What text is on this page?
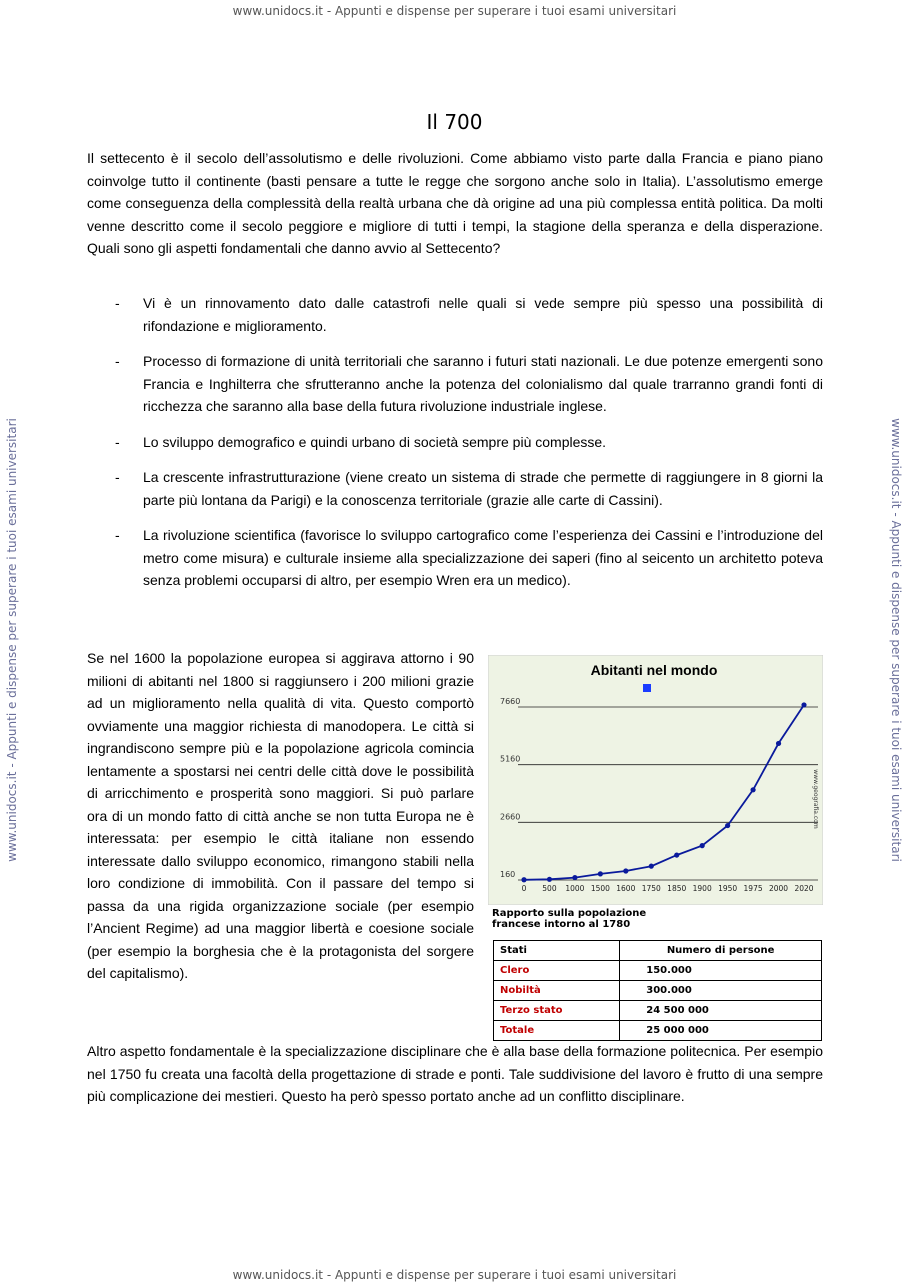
www.unidocs.it - Appunti e dispense per superare i tuoi esami universitari
www.unidocs.it - Appunti e dispense per superare i tuoi esami universitari	www.unidocs.it - Appunti e dispense per superare i tuoi esami universitari
Il 700
Il settecento è il secolo dell’assolutismo e delle rivoluzioni. Come abbiamo visto parte dalla Francia e piano piano coinvolge tutto il continente (basti pensare a tutte le regge che sorgono anche solo in Italia). L’assolutismo emerge come conseguenza della complessità della realtà urbana che dà origine ad una più complessa entità politica. Da molti venne descritto come il secolo peggiore e migliore di tutti i tempi, la stagione della speranza e della disperazione. Quali sono gli aspetti fondamentali che danno avvio al Settecento?
- Vi è un rinnovamento dato dalle catastrofi nelle quali si vede sempre più spesso una possibilità di rifondazione e miglioramento.
- Processo di formazione di unità territoriali che saranno i futuri stati nazionali. Le due potenze emergenti sono Francia e Inghilterra che sfrutteranno anche la potenza del colonialismo dal quale trarranno grandi fonti di ricchezza che saranno alla base della futura rivoluzione industriale inglese.
- Lo sviluppo demografico e quindi urbano di società sempre più complesse.
- La crescente infrastrutturazione (viene creato un sistema di strade che permette di raggiungere in 8 giorni la parte più lontana da Parigi) e la conoscenza territoriale (grazie alle carte di Cassini).
- La rivoluzione scientifica (favorisce lo sviluppo cartografico come l’esperienza dei Cassini e l’introduzione del metro come misura) e culturale insieme alla specializzazione dei saperi (fino al seicento un architetto poteva senza problemi occuparsi di altro, per esempio Wren era un medico).
Se nel 1600 la popolazione europea si aggirava attorno i 90 milioni di abitanti nel 1800 si raggiunsero i 200 milioni grazie ad un miglioramento nella qualità di vita. Questo comportò ovviamente una maggior richiesta di manodopera. Le città si ingrandiscono sempre più e la popolazione agricola comincia lentamente a spostarsi nei centri delle città dove le possibilità di arricchimento e prosperità sono maggiori. Si può parlare ora di un mondo fatto di città anche se non tutta Europa ne è interessata: per esempio le città italiane non essendo interessate dallo sviluppo economico, rimangono stabili nella loro condizione di immobilità. Con il passare del tempo si passa da una rigida organizzazione sociale (per esempio l’Ancient Regime) ad una maggior libertà e coesione sociale (per esempio la borghesia che è la protagonista del sorgere del capitalismo).
Abitanti nel mondo
www.geografia.com
160
2660
5160
7660
0 500 1000 1500 1600 1750 1850 1900 1950 1975 2000 2020
Rapporto sulla popolazione francese intorno al 1780
Stati	Numero di persone
Clero	150.000
Nobiltà	300.000
Terzo stato	24 500 000
Totale	25 000 000
Altro aspetto fondamentale è la specializzazione disciplinare che è alla base della formazione politecnica. Per esempio nel 1750 fu creata una facoltà della progettazione di strade e ponti. Tale suddivisione del lavoro è frutto di una sempre più complicazione dei mestieri. Questo ha però spesso portato anche ad un conflitto disciplinare.
www.unidocs.it - Appunti e dispense per superare i tuoi esami universitari
